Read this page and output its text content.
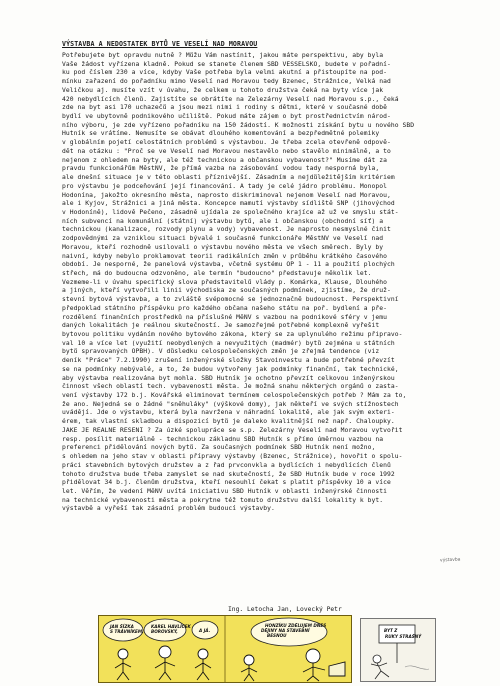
VÝSTAVBA A NEDOSTATEK BYTŮ VE VESELÍ NAD MORAVOU
Potřebujete byt opravdu nutně ? Můžu Vám nastínit, jakou máte perspektivu, aby byla
Vaše žádost vyřízena kladně. Pokud se stanete členem SBD VESSELSKO, budete v pořadní-
ku pod číslem 230 a více, kdyby Vaše potřeba byla velmi akutní a přistoupíte na pod-
mínku zařazení do pořadníku mimo Veselí nad Moravou tedy Bzenec, Strážnice, Velká nad
Veličkou aj. musíte vzít v úvahu, že celkem u tohoto družstva čeká na byty více jak
420 nebydlících členů. Zajistíte se obrátíte na Železárny Veselí nad Moravou s.p., čeká
zde na byt asi 170 uchazečů a jsou mezi nimi i rodiny s dětmi, které v současné době
bydlí ve ubytovně podnikového učiliště. Pokud máte zájem o byt prostřednictvím národ-
ního výboru, je zde vyřízeno pořadníku na 150 žádostí. K možnosti získání bytu u nového SBD
Hutník se vrátíme. Nemusíte se obávat dlouhého komentování a bezpředmětné polemiky
v globálním pojetí celostátních problémů s výstavbou. Je třeba zcela otevřeně odpově-
dět na otázku : "Proč se ve Veselí nad Moravou nestavělo nebo stavělo minimálně, a to
nejenom z ohledem na byty, ale též technickou a občanskou vybavenost?" Musíme dát za
pravdu funkcionářům MěstNV, že přímá vazba na zásobování vodou tady nesporná byla,
ale dnešní situace je v této oblasti příznivější. Zásadním a nejdůležitějším kritériem
pro výstavbu je podceňování její financování. A tady je celé jádro problému. Monopol
Hodonína, jakožto okresního města, naprosto diskriminoval nejenom Veselí nad Moravou,
ale i Kyjov, Strážnici a jiná města. Koncepce mamutí výstavby sídliště SNP (jihovýchod
v Hodoníně), lidově Pečeno, zásadně ujídala ze společného krajíce až už ve smyslu stát-
ních subvencí na komunální (státní) výstavbu bytů, ale i občanskou (obchodní síť) a
technickou (kanalizace, rozvody plynu a vody) vybavenost. Je naprosto nesmyslné činit
zodpovědnými za vzniklou situaci bývalé i současné funkcionáře MěstNV ve Veselí nad
Moravou, kteří rozhodně usilovali o výstavbu nového města ve všech směrech. Byly by
naivní, kdyby nebylo proklamovat teorii radikálních změn v průběhu krátkého časového
období. Je nesporné, že panelová výstavba, včetně systému OP 1 - 11 a použití plochých
střech, má do budoucna odzvoněno, ale termín "budoucno" představuje několik let.
Vezmeme-li v úvahu specifický slova představitelů vlády p. Komárka, Klause, Dlouhého
a jiných, kteří vytvořili linii východiska ze současných podmínek, zjistíme, že druž-
stevní bytová výstavba, a to zvláště svépomocné se jednoznačně budoucnost. Perspektivní
předpoklad státního příspěvku pro každého občana našeho státu na poř. bydlení a pře-
rozdělení finančních prostředků na příslušné MěNV s vazbou na podnikové sféry v jemu
daných lokalitách je reálnou skutečností. Je samozřejmé potřebné komplexně vyřešit
bytovou politiku vydáním nového bytového zákona, který se za uplynulého režimu připravo-
val 10 a více let (využití neobydlených a nevyužitých (madmér) bytů zejména u státních
bytů spravovaných OPBH). V důsledku celospolečenských změn je zřejmá tendence (viz
deník "Práce" 7.2.1990) zrušení inženýrské složky Stavoinvestu a bude potřebné převzít
se na podmínky nebývalé, a to, že budou vytvořeny jak podmínky finanční, tak technické,
aby výstavba realizována byt mohla. SBD Hutník je ochotno převzít celkovou inženýrskou
činnost všech oblastí tech. vybavenosti města. Je možná snahu některých orgánů o zasta-
vení výstavby 172 b.j. Kovářská eliminovat termínem celospolečenských potřeb ? Mám za to,
že ano. Nejedná se o žádné "sněhuláky" (výškové domy), jak někteří ve svých stížnostech
uvádějí. Jde o výstavbu, která byla navržena v náhradní lokalitě, ale jak svým exteri-
érem, tak vlastní skladbou a dispozicí bytů je daleko kvalitnější než např. Chaloupky.
JAKÉ JE REÁLNÉ ŘEŠENÍ ? Za úzké spolupráce se s.p. Železárny Veselí nad Moravou vytvořit
resp. posílit materiálně - technickou základnu SBD Hutník s přímo úměrnou vazbou na
preferenci přidělování nových bytů. Za současných podmínek SBD Hutník není možno,
s ohledem na jeho stav v oblasti přípravy výstavby (Bzenec, Strážnice), hovořit o spolu-
práci stavebních bytových družstev a z řad prvconvkla a bydlících i nebydlících členů
tohoto družstva bude třeba zamyslet se nad skutečností, že SBD Hutník bude v roce 1992
přidělovat 34 b.j. členům družstva, kteří nesouhlí čekat s platit příspěvky 10 a více
let. Věřím, že vedení MěNV uvítá iniciativu SBD Hutník v oblasti inženýrské činnosti
na technické vybavenosti města a pokrytne též tomuto družstvu další lokality k byt.
výstavbě a vyřeší tak zásadní problém budoucí výstavby.
výstavba
Ing. Letocha Jan, Lovecký Petr
JAN ŠÍZKA S TRÁVNÍKEM,
KAREL HAVLÍČEK BOROVSKÝ,	A JÁ.
HONZÍKU ZDĚLUJEM DNES DĚJINY NA STAVEBNÍ BESNOU
BYT Z RUKY STRAŠNÝ
